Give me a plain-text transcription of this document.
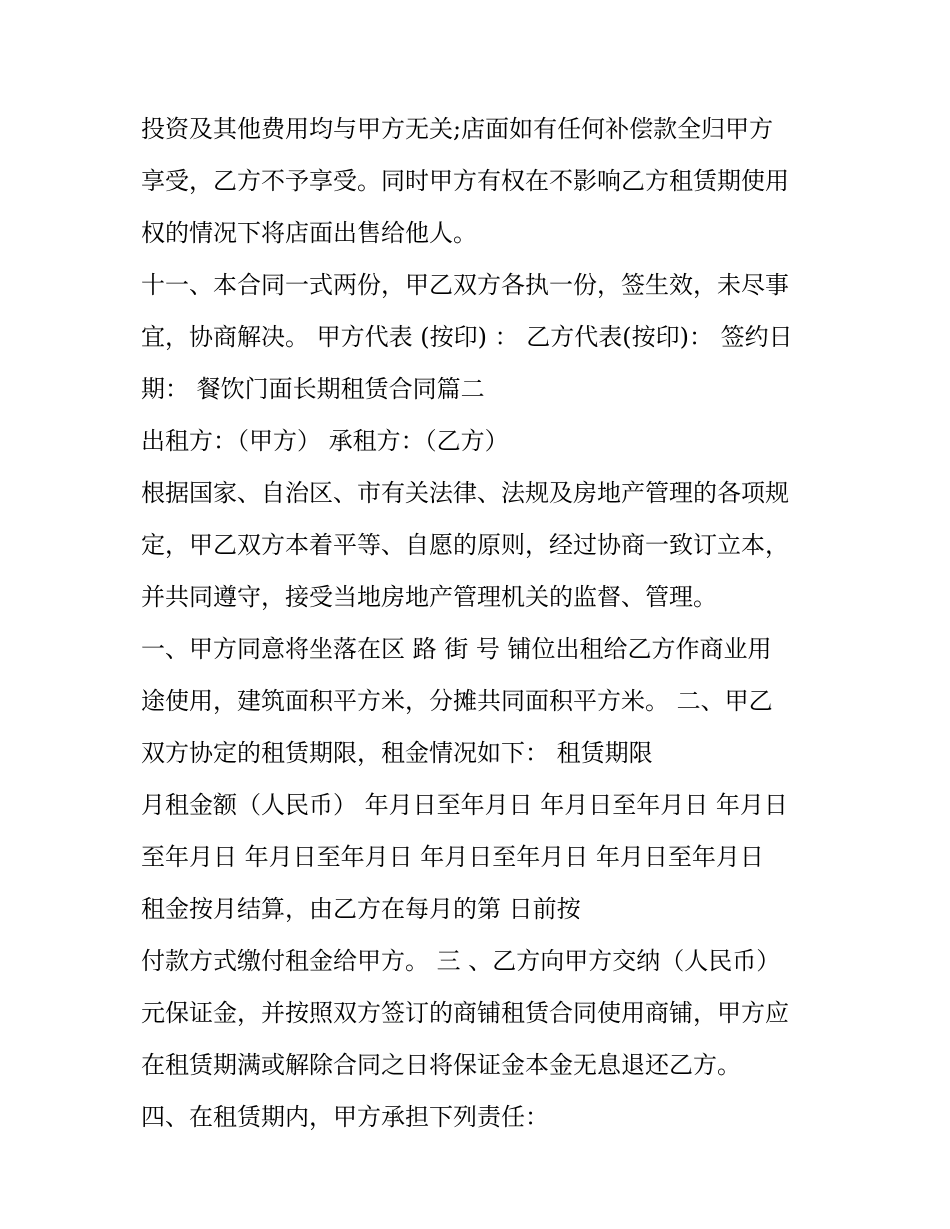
投资及其他费用均与甲方无关;店面如有任何补偿款全归甲方
享受，乙方不予享受。同时甲方有权在不影响乙方租赁期使用
权的情况下将店面出售给他人。
十一、本合同一式两份，甲乙双方各执一份，签生效，未尽事
宜，协商解决。 甲方代表 (按印) ： 乙方代表(按印)： 签约日
期： 餐饮门面长期租赁合同篇二
出租方：（甲方） 承租方：（乙方）
根据国家、自治区、市有关法律、法规及房地产管理的各项规
定，甲乙双方本着平等、自愿的原则，经过协商一致订立本，
并共同遵守，接受当地房地产管理机关的监督、管理。
一、甲方同意将坐落在区 路 街 号 铺位出租给乙方作商业用
途使用，建筑面积平方米，分摊共同面积平方米。 二、甲乙
双方协定的租赁期限，租金情况如下： 租赁期限
月租金额（人民币） 年月日至年月日 年月日至年月日 年月日
至年月日 年月日至年月日 年月日至年月日 年月日至年月日
租金按月结算，由乙方在每月的第 日前按
付款方式缴付租金给甲方。 三 、乙方向甲方交纳（人民币）
元保证金，并按照双方签订的商铺租赁合同使用商铺，甲方应
在租赁期满或解除合同之日将保证金本金无息退还乙方。
四、在租赁期内，甲方承担下列责任：
